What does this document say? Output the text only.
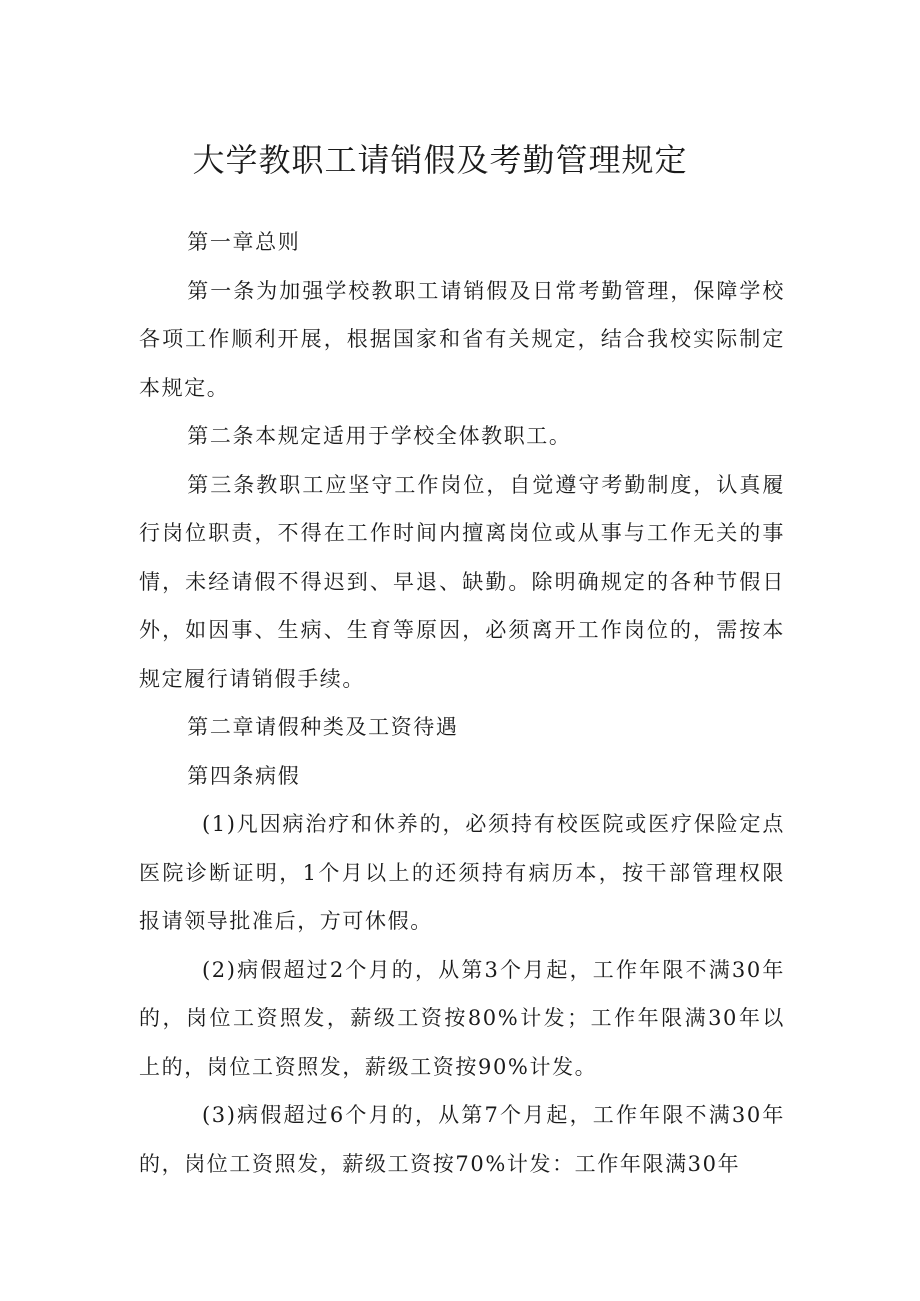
大学教职工请销假及考勤管理规定

第一章总则

第一条为加强学校教职工请销假及日常考勤管理，保障学校各项工作顺利开展，根据国家和省有关规定，结合我校实际制定本规定。

第二条本规定适用于学校全体教职工。

第三条教职工应坚守工作岗位，自觉遵守考勤制度，认真履行岗位职责，不得在工作时间内擅离岗位或从事与工作无关的事情，未经请假不得迟到、早退、缺勤。除明确规定的各种节假日外，如因事、生病、生育等原因，必须离开工作岗位的，需按本规定履行请销假手续。

第二章请假种类及工资待遇

第四条病假

(1)凡因病治疗和休养的，必须持有校医院或医疗保险定点医院诊断证明，1个月以上的还须持有病历本，按干部管理权限报请领导批准后，方可休假。

(2)病假超过2个月的，从第3个月起，工作年限不满30年的，岗位工资照发，薪级工资按80%计发；工作年限满30年以上的，岗位工资照发，薪级工资按90%计发。

(3)病假超过6个月的，从第7个月起，工作年限不满30年的，岗位工资照发，薪级工资按70%计发：工作年限满30年
